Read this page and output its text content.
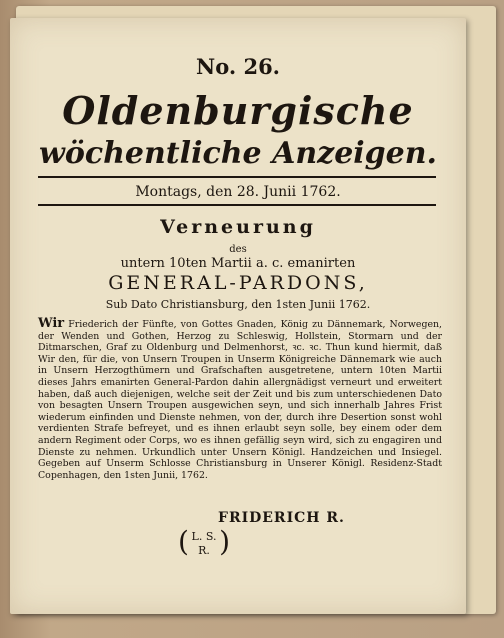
No. 26.
Oldenburgische
wöchentliche Anzeigen.
Montags, den 28. Junii 1762.
Verneurung
des
untern 10ten Martii a. c. emanirten
GENERAL-PARDONS,
Sub Dato Christiansburg, den 1sten Junii 1762.
Wir Friederich der Fünfte, von Gottes Gnaden, König zu Dännemark, Norwegen, der Wenden und Gothen, Herzog zu Schleswig, Hollstein, Stormarn und der Ditmarschen, Graf zu Oldenburg und Delmenhorst, ꝛc. ꝛc. Thun kund hiermit, daß Wir den, für die, von Unsern Troupen in Unserm Königreiche Dännemark wie auch in Unsern Herzogthümern und Grafschaften ausgetretene, untern 10ten Martii dieses Jahrs emanirten General-Pardon dahin allergnädigst verneurt und erweitert haben, daß auch diejenigen, welche seit der Zeit und bis zum unterschiedenen Dato von besagten Unsern Troupen ausgewichen seyn, und sich innerhalb Jahres Frist wiederum einfinden und Dienste nehmen, von der, durch ihre Desertion sonst wohl verdienten Strafe befreyet, und es ihnen erlaubt seyn solle, bey einem oder dem andern Regiment oder Corps, wo es ihnen gefällig seyn wird, sich zu engagiren und Dienste zu nehmen. Urkundlich unter Unsern Königl. Handzeichen und Insiegel. Gegeben auf Unserm Schlosse Christiansburg in Unserer Königl. Residenz-Stadt Copenhagen, den 1sten Junii, 1762.
FRIDERICH R.
( L. S.
R. )
